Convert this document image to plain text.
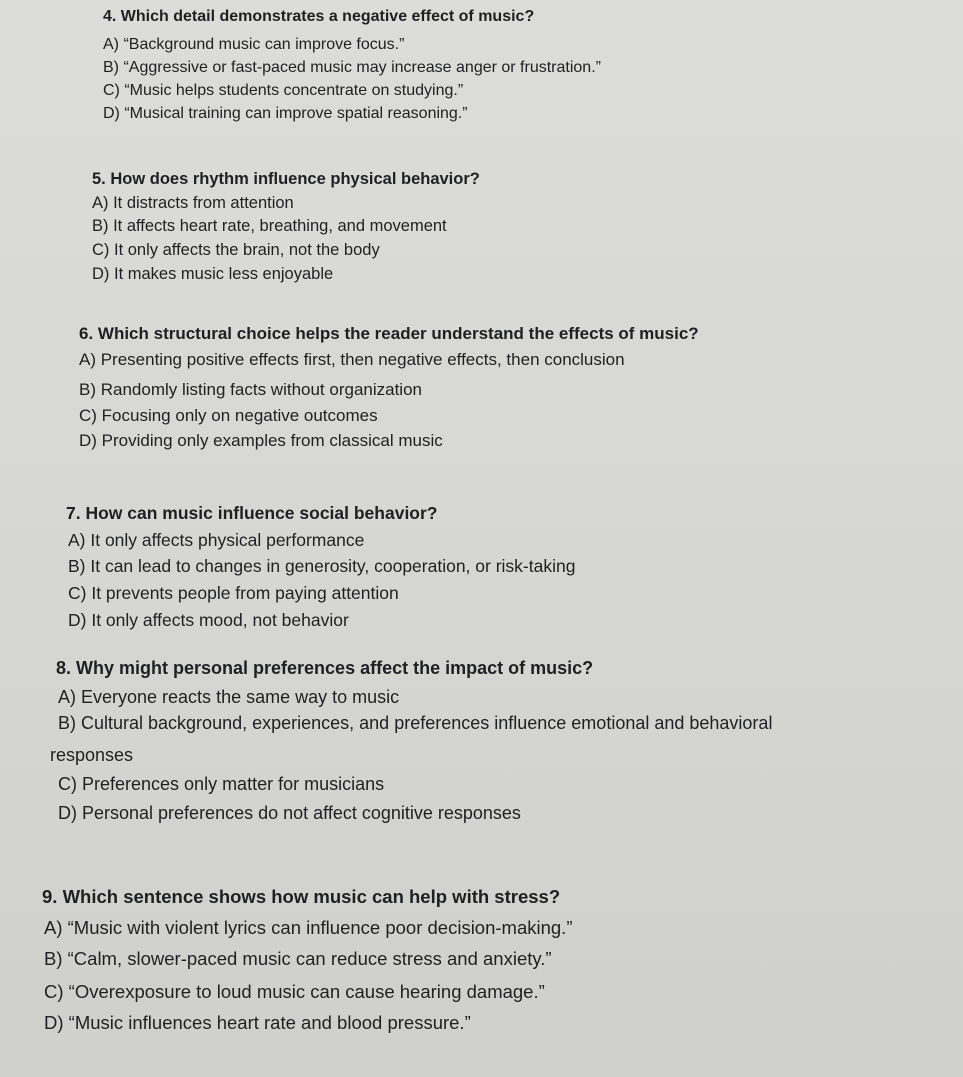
4. Which detail demonstrates a negative effect of music?
A) “Background music can improve focus.”
B) “Aggressive or fast-paced music may increase anger or frustration.”
C) “Music helps students concentrate on studying.”
D) “Musical training can improve spatial reasoning.”
5. How does rhythm influence physical behavior?
A) It distracts from attention
B) It affects heart rate, breathing, and movement
C) It only affects the brain, not the body
D) It makes music less enjoyable
6. Which structural choice helps the reader understand the effects of music?
A) Presenting positive effects first, then negative effects, then conclusion
B) Randomly listing facts without organization
C) Focusing only on negative outcomes
D) Providing only examples from classical music
7. How can music influence social behavior?
A) It only affects physical performance
B) It can lead to changes in generosity, cooperation, or risk-taking
C) It prevents people from paying attention
D) It only affects mood, not behavior
8. Why might personal preferences affect the impact of music?
A) Everyone reacts the same way to music
B) Cultural background, experiences, and preferences influence emotional and behavioral
responses
C) Preferences only matter for musicians
D) Personal preferences do not affect cognitive responses
9. Which sentence shows how music can help with stress?
A) “Music with violent lyrics can influence poor decision-making.”
B) “Calm, slower-paced music can reduce stress and anxiety.”
C) “Overexposure to loud music can cause hearing damage.”
D) “Music influences heart rate and blood pressure.”
